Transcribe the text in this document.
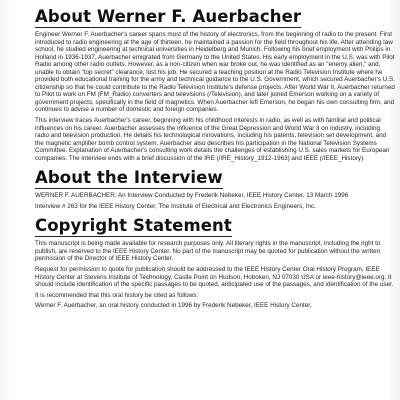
About Werner F. Auerbacher

Engineer Werner F. Auerbacher's career spans most of the history of electronics, from the beginning of radio to the present. First introduced to radio engineering at the age of thirteen, he maintained a passion for the field throughout his life. After attending law school, he studied engineering at technical universities in Heidelberg and Munich. Following his brief employment with Philips in Holland in 1936-1937, Auerbacher emigrated from Germany to the United States. His early employment in the U.S. was with Pilot Radio among other radio outlets. However, as a non-citizen when war broke out, he was identified as an "enemy alien," and, unable to obtain "top secret" clearance, lost his job. He secured a teaching position at the Radio Television Institute where he provided both educational training for the army and technical guidance to the U.S. Government, which secured Auerbacher's U.S. citizenship so that he could contribute to the Radio Television Institute's defense projects. After World War II, Auerbacher returned to Pilot to work on FM (FM_Radio) converters and televisions (/Television), and later joined Emerson working on a variety of government projects, specifically in the field of magnetics. When Auerbacher left Emerson, he began his own consulting firm, and continues to advise a number of domestic and foreign companies.

This interview traces Auerbacher's career, beginning with his childhood interests in radio, as well as with familial and political influences on his career. Auerbacher assesses the influence of the Great Depression and World War II on industry, including radio and television production. He details his technological innovations, including his patents, television set development, and the magnetic amplifier bomb control system. Auerbacher also describes his participation in the National Television Systems Committee. Explanation of Auerbacher's consulting work details the challenges of establishing U.S. sales markets for European companies. The interview ends with a brief discussion of the IRE (/IRE_History_1912-1963) and IEEE (/IEEE_History).

About the Interview

WERNER F. AUERBACHER: An Interview Conducted by Frederik Nebeker, IEEE History Center, 13 March 1996

Interview # 263 for the IEEE History Center, The Institute of Electrical and Electronics Engineers, Inc.

Copyright Statement

This manuscript is being made available for research purposes only. All literary rights in the manuscript, including the right to publish, are reserved to the IEEE History Center. No part of the manuscript may be quoted for publication without the written permission of the Director of IEEE History Center.

Request for permission to quote for publication should be addressed to the IEEE History Center Oral History Program, IEEE History Center at Stevens Institute of Technology, Castle Point on Hudson, Hoboken, NJ 07030 USA or ieee-history@ieee.org. It should include identification of the specific passages to be quoted, anticipated use of the passages, and identification of the user.

It is recommended that this oral history be cited as follows:

Werner F. Auerbacher, an oral history conducted in 1996 by Frederik Nebeker, IEEE History Center,
